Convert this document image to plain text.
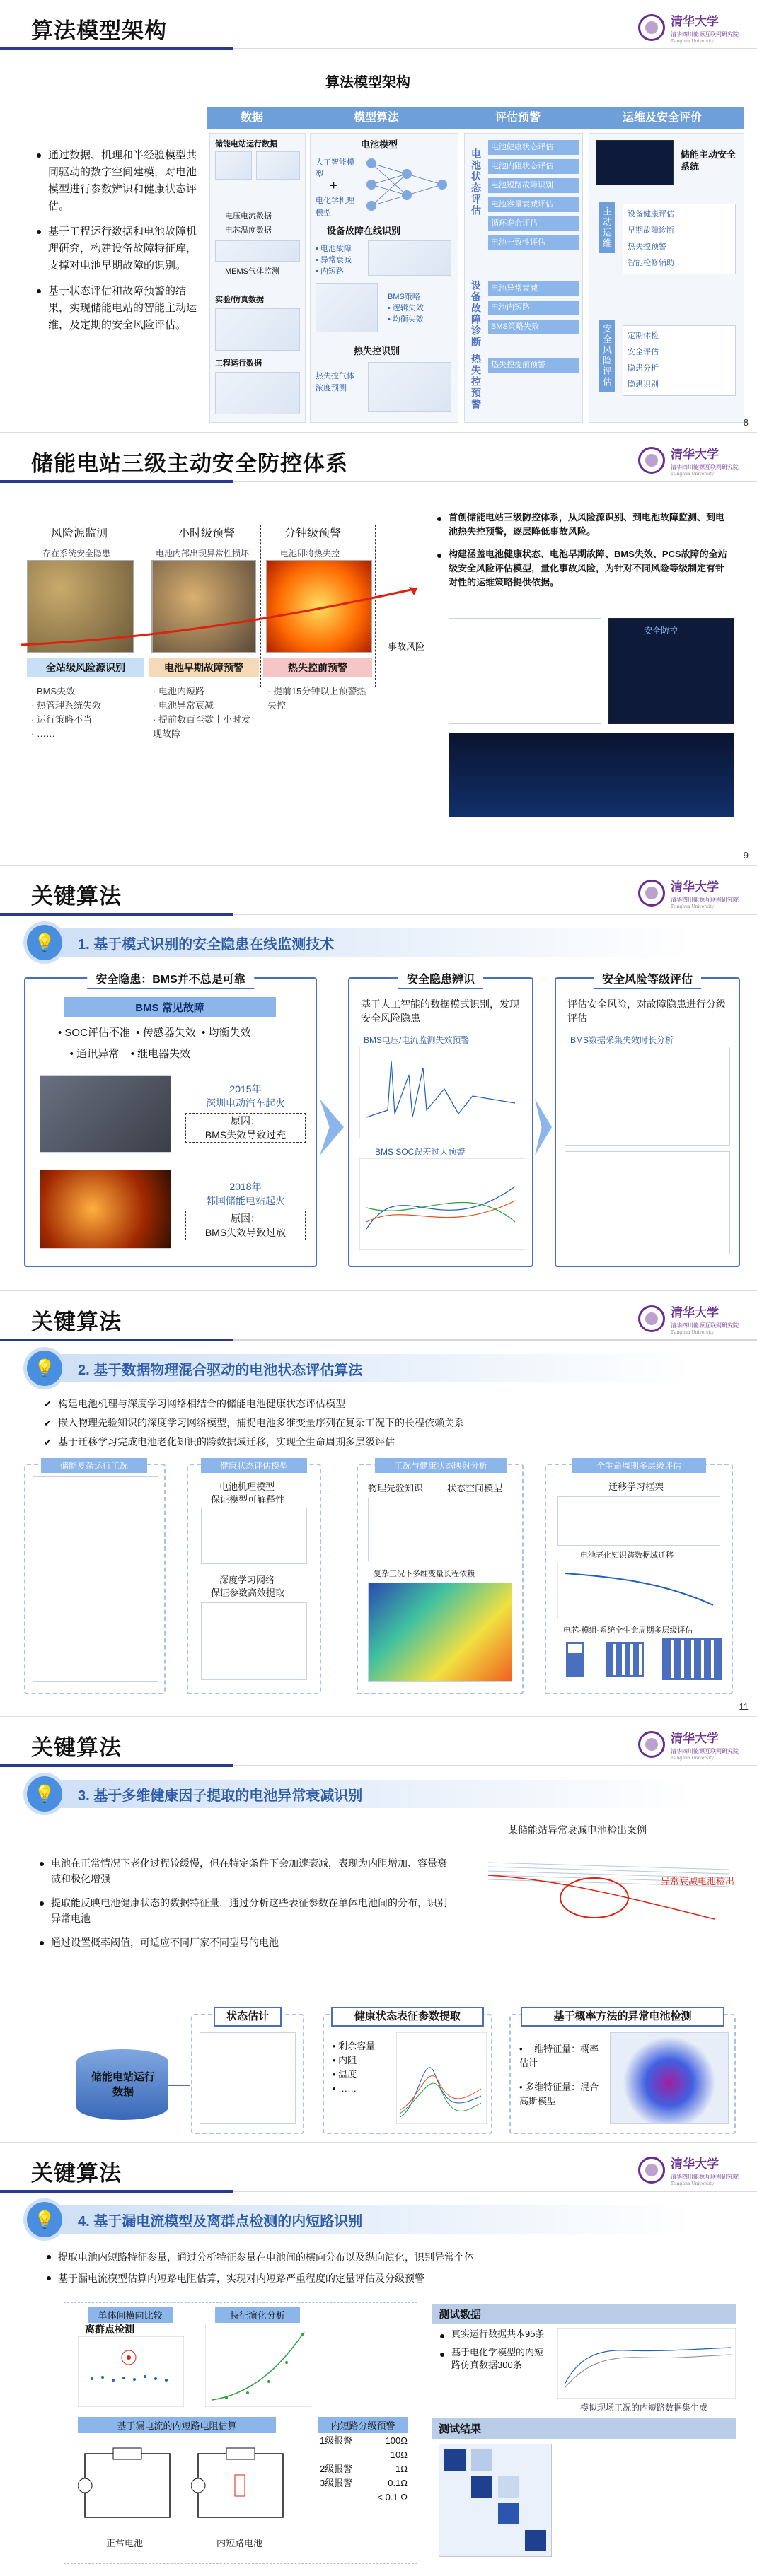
算法模型架构	清华大学
清华四川能源互联网研究院
Tsinghua University
算法模型架构
通过数据、机理和半经验模型共同驱动的数字空间建模，对电池模型进行参数辨识和健康状态评估。
基于工程运行数据和电池故障机理研究，构建设备故障特征库，支撑对电池早期故障的识别。
基于状态评估和故障预警的结果，实现储能电站的智能主动运维，及定期的安全风险评估。
数据	模型算法	评估预警	运维及安全评价
储能电站运行数据
电压电流数据
电芯温度数据
MEMS气体监测
实验/仿真数据
工程运行数据
电池模型
人工智能模型
+
电化学机理模型
设备故障在线识别
• 电池故障
• 异常衰减
• 内短路
BMS策略
• 逻辑失效
• 均衡失效
热失控识别
热失控气体浓度预测
电池状态评估
电池健康状态评估
电池内阻状态评估
电池短路故障识别
电池容量衰减评估
循环寿命评估
电池一致性评估
设备故障诊断	电池异常衰减
电池内短路
BMS策略失效
热失控预警	热失控提前预警
储能主动安全系统
主动运维	设备健康评估
早期故障诊断
热失控预警
智能检修辅助
安全风险评估	定期体检
安全评估
隐患分析
隐患识别
8
储能电站三级主动安全防控体系	清华大学
清华四川能源互联网研究院
Tsinghua University
风险源监测	小时级预警	分钟级预警
存在系统安全隐患	电池内部出现异常性损坏	电池即将热失控
事故风险
全站级风险源识别	电池早期故障预警	热失控前预警
· BMS失效
· 热管理系统失效
· 运行策略不当
· ……
· 电池内短路
· 电池异常衰减
· 提前数百至数十小时发现故障
· 提前15分钟以上预警热失控
首创储能电站三级防控体系，从风险源识别、到电池故障监测、到电池热失控预警，逐层降低事故风险。
构建涵盖电池健康状态、电池早期故障、BMS失效、PCS故障的全站级安全风险评估模型，量化事故风险，为针对不同风险等级制定有针对性的运维策略提供依据。
安全防控
9
关键算法	清华大学
清华四川能源互联网研究院
Tsinghua University
💡	1. 基于模式识别的安全隐患在线监测技术
安全隐患：BMS并不总是可靠
BMS 常见故障
• SOC评估不准 • 传感器失效 • 均衡失效
• 通讯异常 • 继电器失效
2015年
深圳电动汽车起火
原因：
BMS失效导致过充
2018年
韩国储能电站起火
原因：
BMS失效导致过放
安全隐患辨识
基于人工智能的数据模式识别，发现安全风险隐患
BMS电压/电流监测失效预警
BMS SOC误差过大预警
安全风险等级评估
评估安全风险，对故障隐患进行分级评估
BMS数据采集失效时长分析
关键算法	清华大学
清华四川能源互联网研究院
Tsinghua University
💡	2. 基于数据物理混合驱动的电池状态评估算法
✔ 构建电池机理与深度学习网络相结合的储能电池健康状态评估模型
✔ 嵌入物理先验知识的深度学习网络模型，捕捉电池多维变量序列在复杂工况下的长程依赖关系
✔ 基于迁移学习完成电池老化知识的跨数据域迁移，实现全生命周期多层级评估
储能复杂运行工况	健康状态评估模型
电池机理模型
保证模型可解释性
深度学习网络
保证参数高效提取
工况与健康状态映射分析
物理先验知识	状态空间模型
复杂工况下多维变量长程依赖
全生命周期多层级评估
迁移学习框架
电池老化知识跨数据域迁移
电芯-模组-系统全生命周期多层级评估
11
关键算法	清华大学
清华四川能源互联网研究院
Tsinghua University
💡	3. 基于多维健康因子提取的电池异常衰减识别
某储能站异常衰减电池检出案例
电池在正常情况下老化过程较缓慢，但在特定条件下会加速衰减，表现为内阻增加、容量衰减和极化增强
提取能反映电池健康状态的数据特征量，通过分析这些表征参数在单体电池间的分布，识别异常电池
通过设置概率阈值，可适应不同厂家不同型号的电池
异常衰减电池检出
储能电站运行数据
状态估计	健康状态表征参数提取
• 剩余容量
• 内阻
• 温度
• ……
基于概率方法的异常电池检测
• 一维特征量：概率估计
• 多维特征量：混合高斯模型
关键算法	清华大学
清华四川能源互联网研究院
Tsinghua University
💡	4. 基于漏电流模型及离群点检测的内短路识别
提取电池内短路特征参量，通过分析特征参量在电池间的横向分布以及纵向演化，识别异常个体
基于漏电流模型估算内短路电阻估算，实现对内短路严重程度的定量评估及分级预警
单体间横向比较
离群点检测
特征演化分析
内短路分级预警
1级报警	100Ω
10Ω
2级报警	1Ω
3级报警	0.1Ω
< 0.1 Ω
基于漏电流的内短路电阻估算
正常电池	内短路电池
测试数据
真实运行数据共本95条
基于电化学模型的内短路仿真数据300条
模拟现场工况的内短路数据集生成
测试结果
